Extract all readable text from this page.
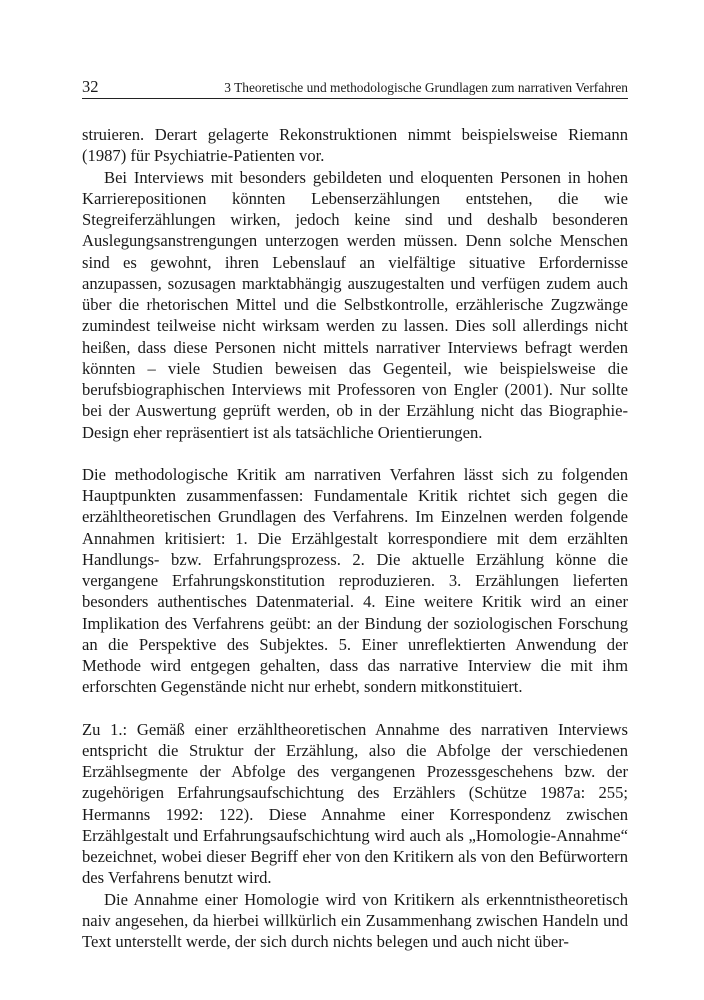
32	3 Theoretische und methodologische Grundlagen zum narrativen Verfahren

struieren. Derart gelagerte Rekonstruktionen nimmt beispielsweise Riemann (1987) für Psychiatrie-Patienten vor.

Bei Interviews mit besonders gebildeten und eloquenten Personen in hohen Karrierepositionen könnten Lebenserzählungen entstehen, die wie Stegreiferzählungen wirken, jedoch keine sind und deshalb besonderen Auslegungsanstrengungen unterzogen werden müssen. Denn solche Menschen sind es gewohnt, ihren Lebenslauf an vielfältige situative Erfordernisse anzupassen, sozusagen marktabhängig auszugestalten und verfügen zudem auch über die rhetorischen Mittel und die Selbstkontrolle, erzählerische Zugzwänge zumindest teilweise nicht wirksam werden zu lassen. Dies soll allerdings nicht heißen, dass diese Personen nicht mittels narrativer Interviews befragt werden könnten – viele Studien beweisen das Gegenteil, wie beispielsweise die berufsbiographischen Interviews mit Professoren von Engler (2001). Nur sollte bei der Auswertung geprüft werden, ob in der Erzählung nicht das Biographie-Design eher repräsentiert ist als tatsächliche Orientierungen.

Die methodologische Kritik am narrativen Verfahren lässt sich zu folgenden Hauptpunkten zusammenfassen: Fundamentale Kritik richtet sich gegen die erzähltheoretischen Grundlagen des Verfahrens. Im Einzelnen werden folgende Annahmen kritisiert: 1. Die Erzählgestalt korrespondiere mit dem erzählten Handlungs- bzw. Erfahrungsprozess. 2. Die aktuelle Erzählung könne die vergangene Erfahrungskonstitution reproduzieren. 3. Erzählungen lieferten besonders authentisches Datenmaterial. 4. Eine weitere Kritik wird an einer Implikation des Verfahrens geübt: an der Bindung der soziologischen Forschung an die Perspektive des Subjektes. 5. Einer unreflektierten Anwendung der Methode wird entgegen gehalten, dass das narrative Interview die mit ihm erforschten Gegenstände nicht nur erhebt, sondern mitkonstituiert.

Zu 1.: Gemäß einer erzähltheoretischen Annahme des narrativen Interviews entspricht die Struktur der Erzählung, also die Abfolge der verschiedenen Erzählsegmente der Abfolge des vergangenen Prozessgeschehens bzw. der zugehörigen Erfahrungsaufschichtung des Erzählers (Schütze 1987a: 255; Hermanns 1992: 122). Diese Annahme einer Korrespondenz zwischen Erzählgestalt und Erfahrungsaufschichtung wird auch als „Homologie-Annahme“ bezeichnet, wobei dieser Begriff eher von den Kritikern als von den Befürwortern des Verfahrens benutzt wird.

Die Annahme einer Homologie wird von Kritikern als erkenntnistheoretisch naiv angesehen, da hierbei willkürlich ein Zusammenhang zwischen Handeln und Text unterstellt werde, der sich durch nichts belegen und auch nicht über-
